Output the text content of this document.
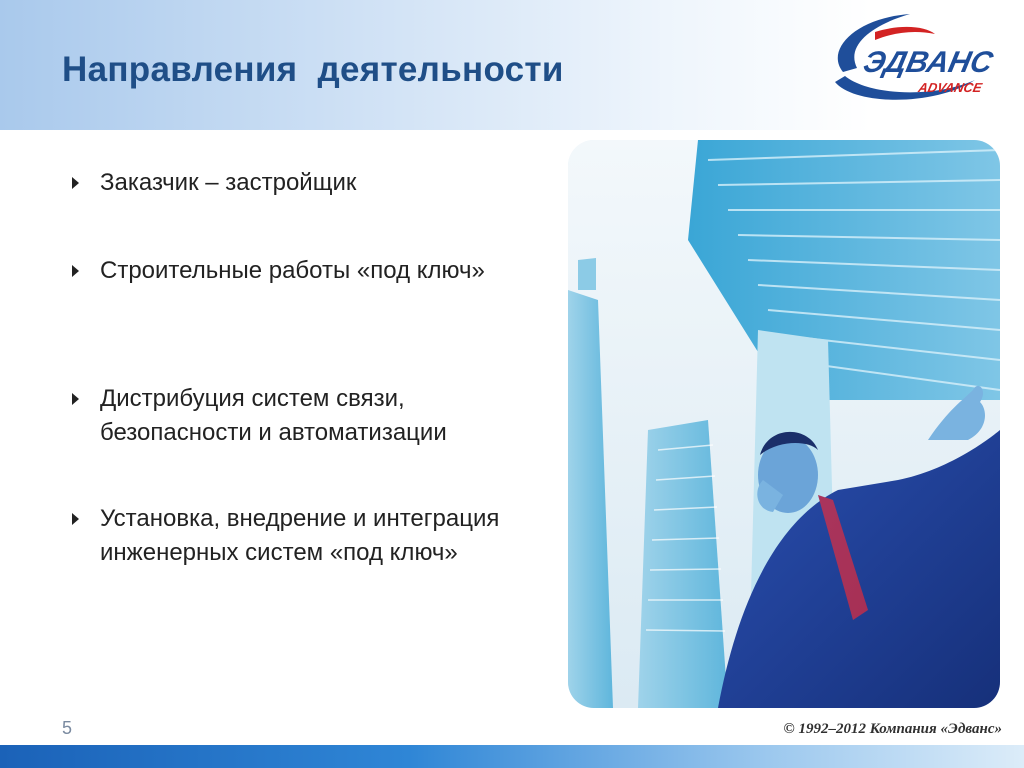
Направления  деятельности	ЭДВАНС
ADVANCE
Заказчик – застройщик
Строительные работы «под ключ»
Дистрибуция систем связи, безопасности и автоматизации
Установка, внедрение и интеграция инженерных систем «под ключ»
5	© 1992–2012 Компания «Эдванс»
